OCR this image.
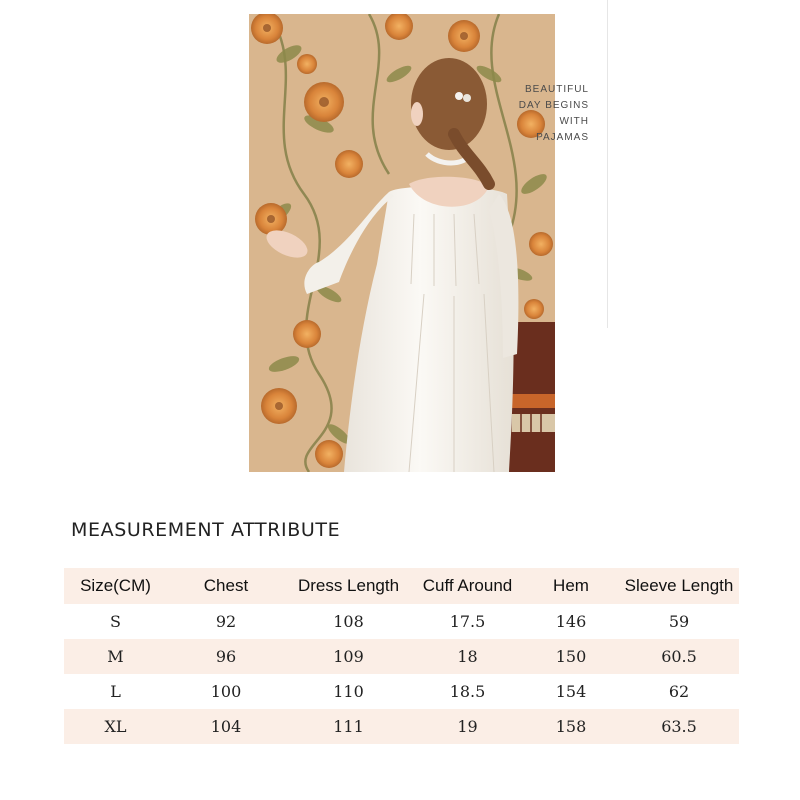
BEAUTIFUL
DAY BEGINS
WITH
PAJAMAS
MEASUREMENT ATTRIBUTE
Size(CM)	Chest	Dress Length	Cuff Around	Hem	Sleeve Length
S	92	108	17.5	146	59
M	96	109	18	150	60.5
L	100	110	18.5	154	62
XL	104	111	19	158	63.5
